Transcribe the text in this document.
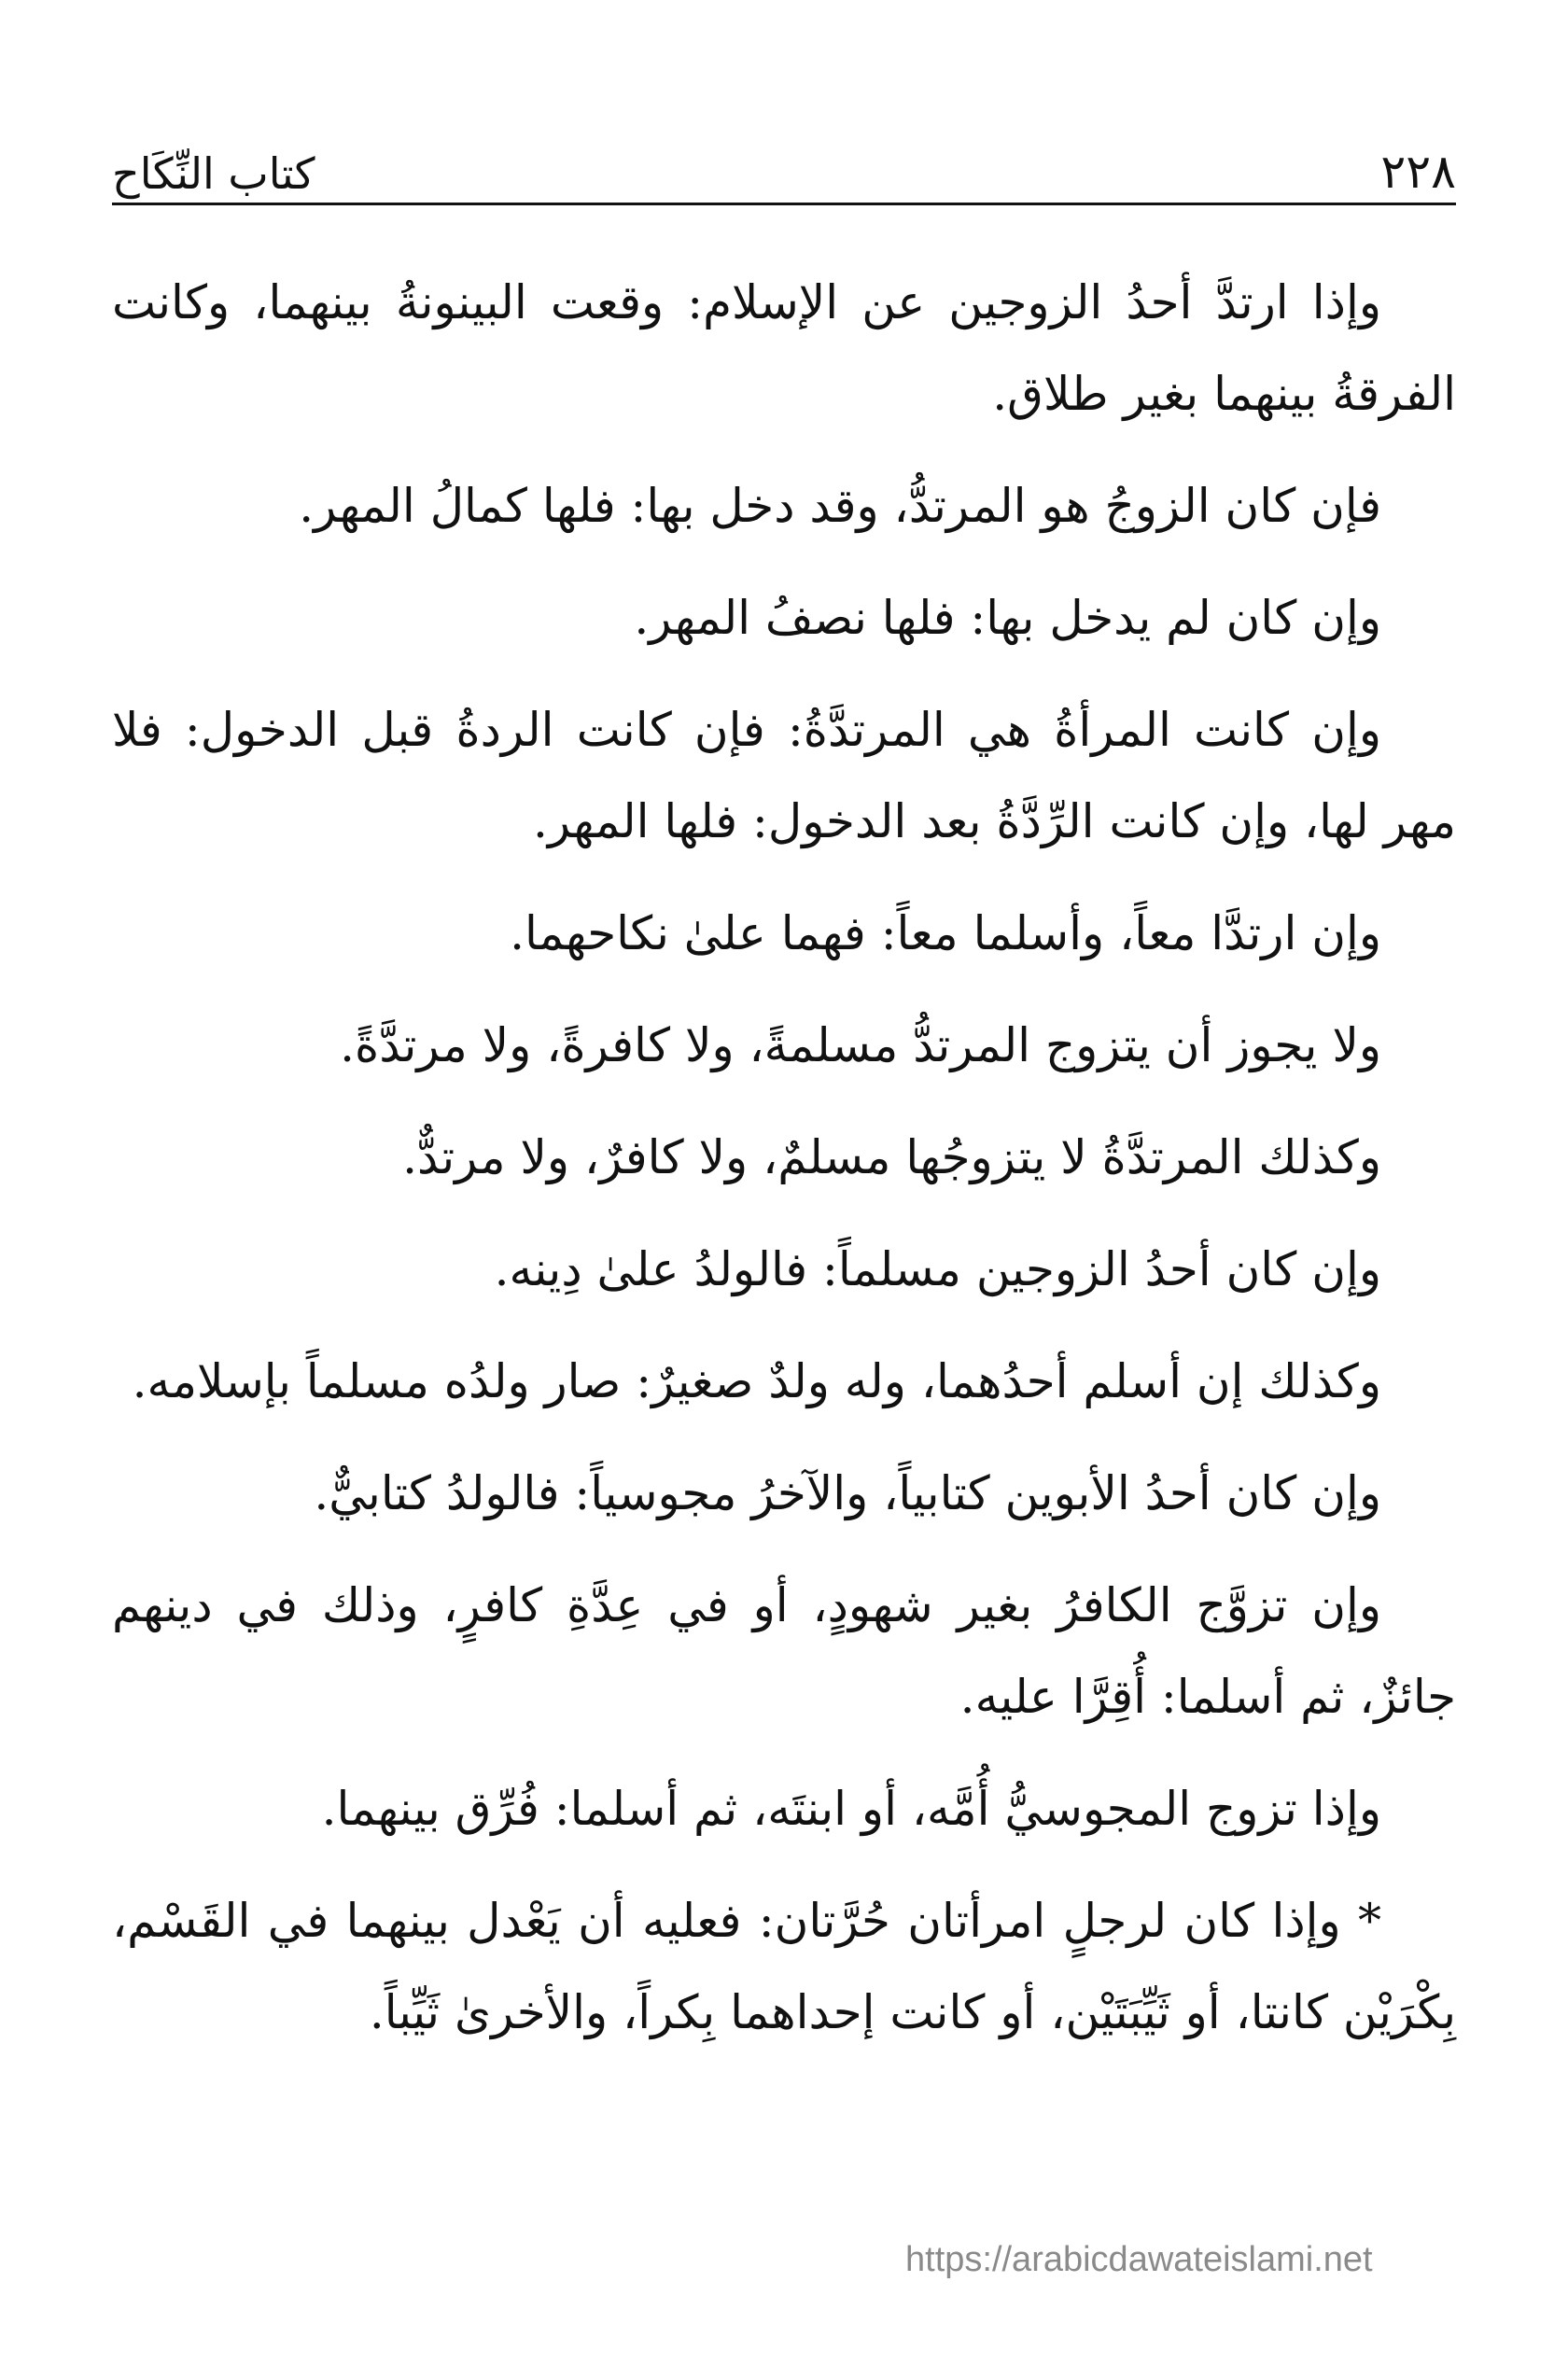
٢٢٨
كتاب النِّكَاح

وإذا ارتدَّ أحدُ الزوجين عن الإسلام: وقعت البينونةُ بينهما، وكانت الفرقةُ بينهما بغير طلاق.

فإن كان الزوجُ هو المرتدُّ، وقد دخل بها: فلها كمالُ المهر.

وإن كان لم يدخل بها: فلها نصفُ المهر.

وإن كانت المرأةُ هي المرتدَّةُ: فإن كانت الردةُ قبل الدخول: فلا مهر لها، وإن كانت الرِّدَّةُ بعد الدخول: فلها المهر.

وإن ارتدَّا معاً، وأسلما معاً: فهما علىٰ نكاحهما.

ولا يجوز أن يتزوج المرتدُّ مسلمةً، ولا كافرةً، ولا مرتدَّةً.

وكذلك المرتدَّةُ لا يتزوجُها مسلمٌ، ولا كافرٌ، ولا مرتدٌّ.

وإن كان أحدُ الزوجين مسلماً: فالولدُ علىٰ دِينه.

وكذلك إن أسلم أحدُهما، وله ولدٌ صغيرٌ: صار ولدُه مسلماً بإسلامه.

وإن كان أحدُ الأبوين كتابياً، والآخرُ مجوسياً: فالولدُ كتابيٌّ.

وإن تزوَّج الكافرُ بغير شهودٍ، أو في عِدَّةِ كافرٍ، وذلك في دينهم جائزٌ، ثم أسلما: أُقِرَّا عليه.

وإذا تزوج المجوسيُّ أُمَّه، أو ابنتَه، ثم أسلما: فُرِّق بينهما.

* وإذا كان لرجلٍ امرأتان حُرَّتان: فعليه أن يَعْدل بينهما في القَسْم، بِكْرَيْن كانتا، أو ثَيِّبَتَيْن، أو كانت إحداهما بِكراً، والأخرىٰ ثَيِّباً.

https://arabicdawateislami.net
